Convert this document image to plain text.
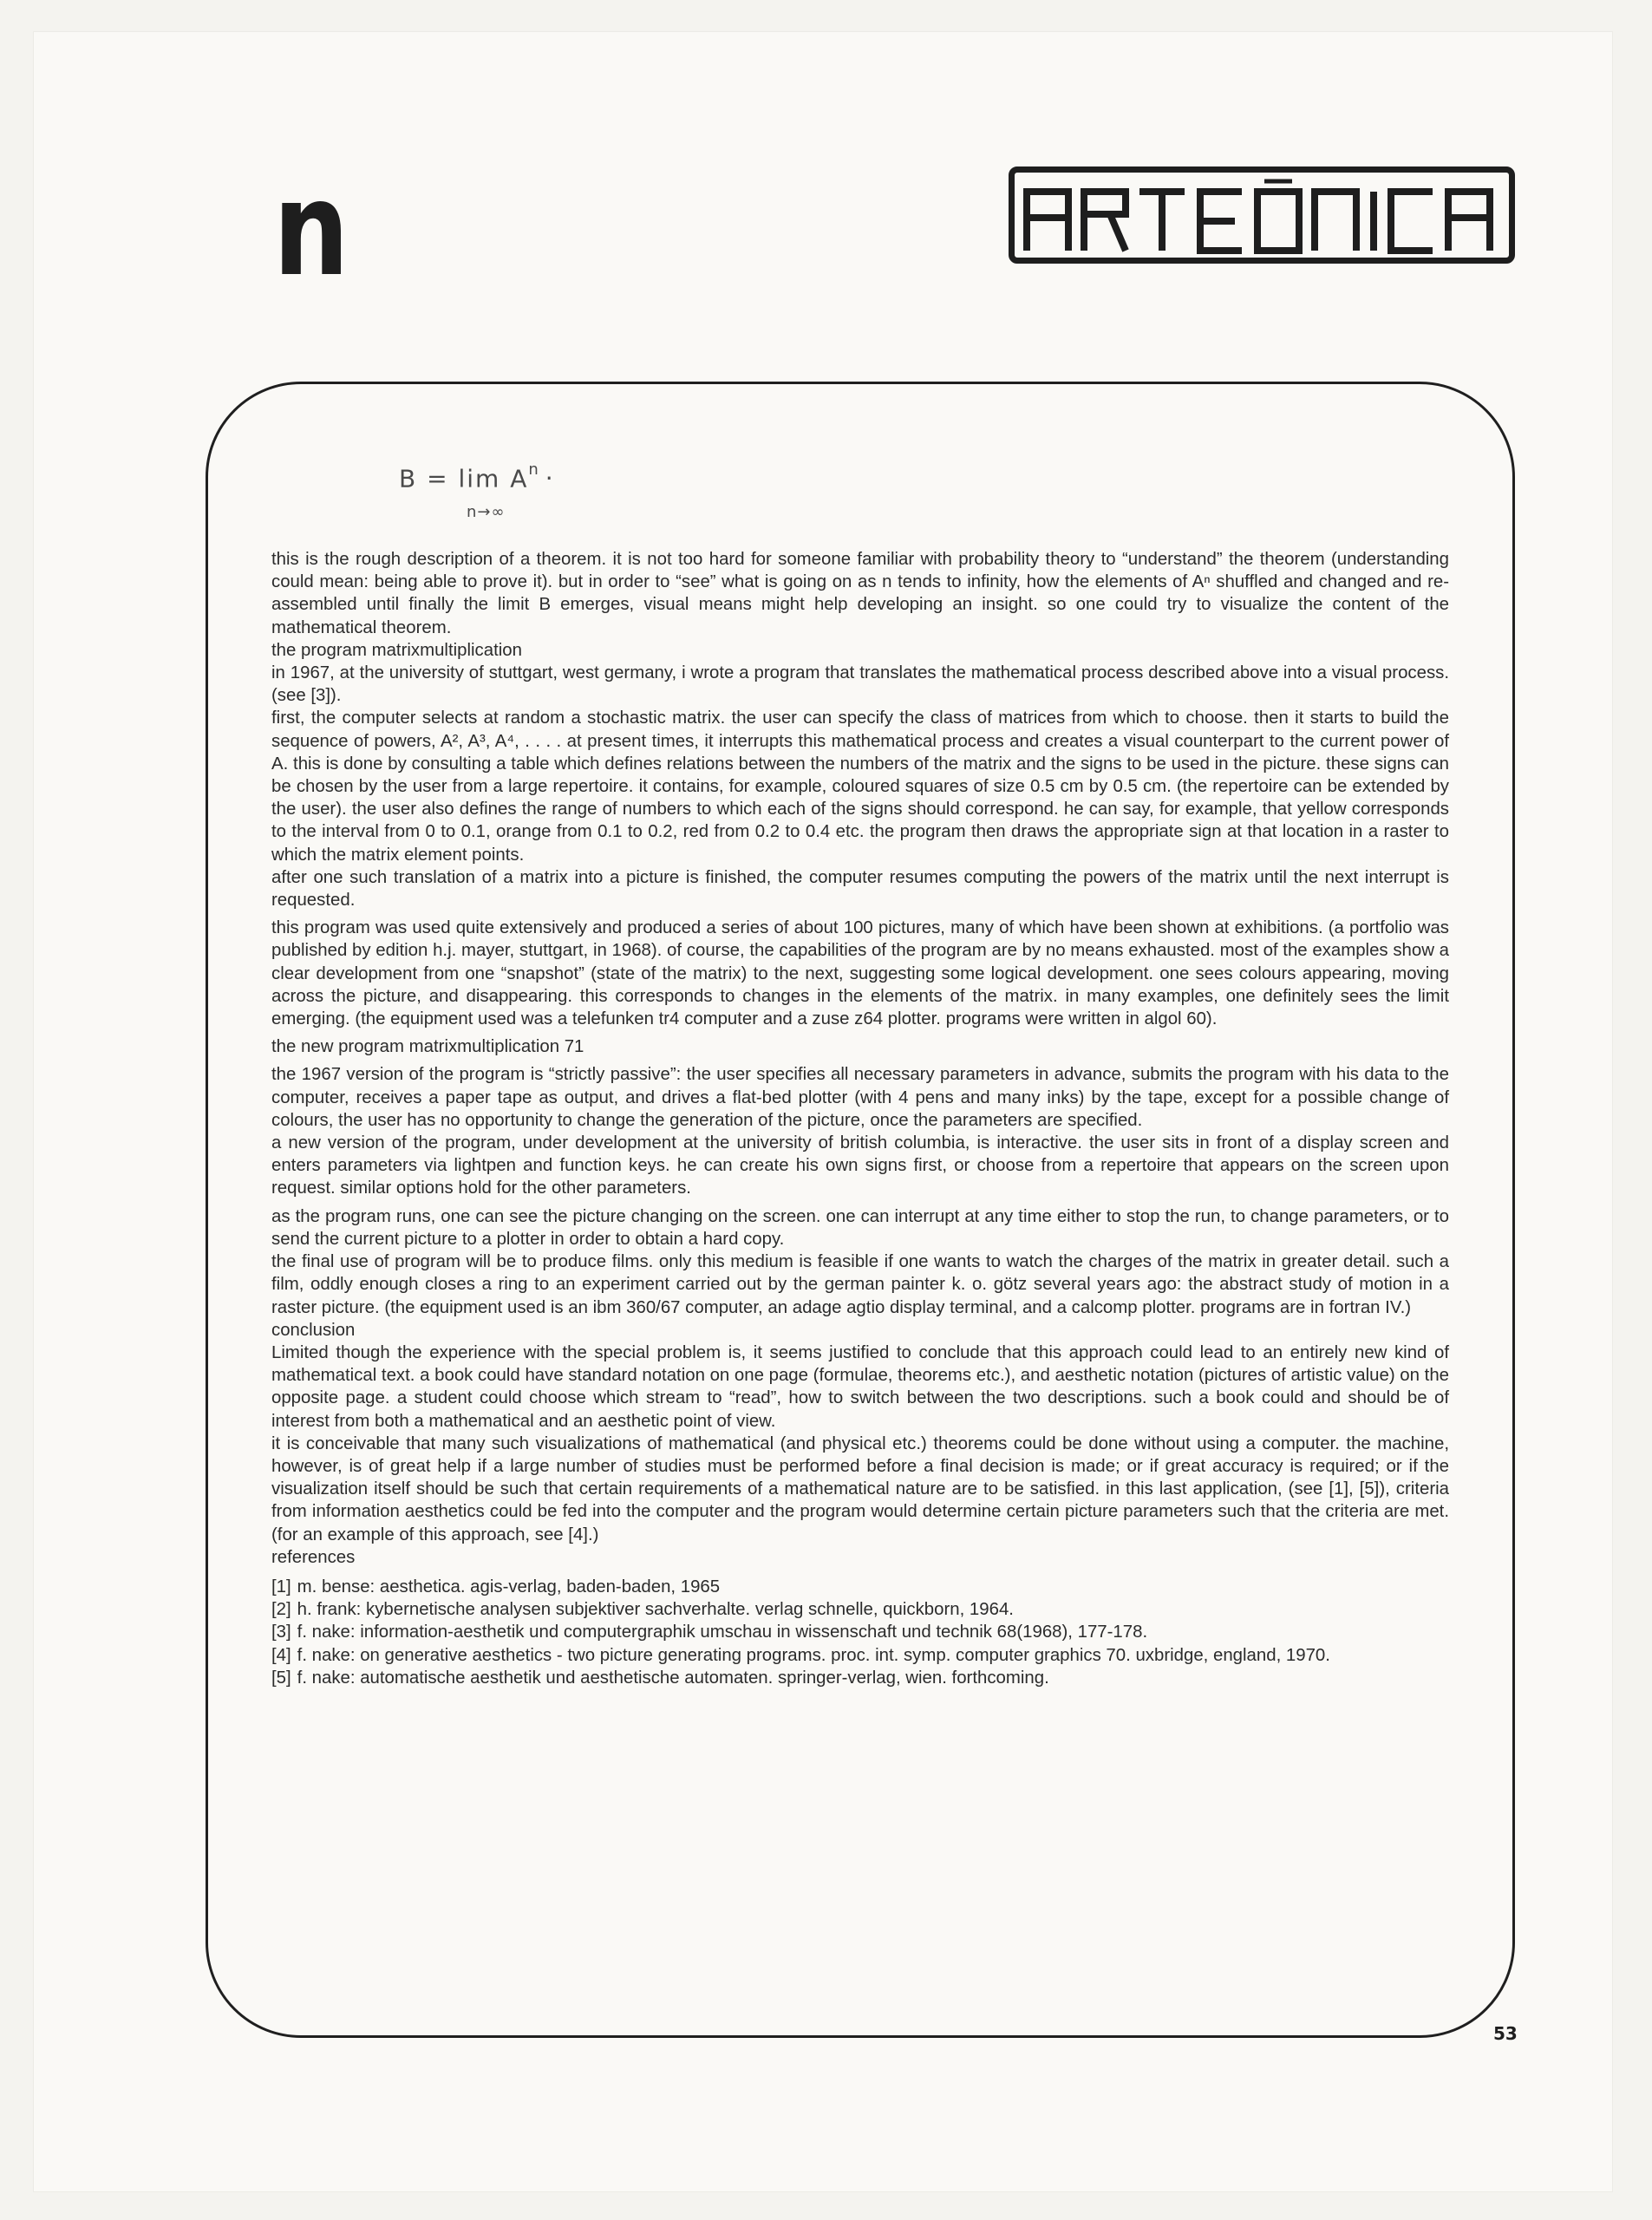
n
$B = \lim A^n$ ·
n→∞

this is the rough description of a theorem. it is not too hard for someone familiar with probability theory to “understand” the theorem (understanding could mean: being able to prove it). but in order to “see” what is going on as n tends to infinity, how the elements of Aⁿ shuffled and changed and re-assembled until finally the limit B emerges, visual means might help developing an insight. so one could try to visualize the content of the mathematical theorem.

the program matrixmultiplication

in 1967, at the university of stuttgart, west germany, i wrote a program that translates the mathematical process described above into a visual process. (see [3]).

first, the computer selects at random a stochastic matrix. the user can specify the class of matrices from which to choose. then it starts to build the sequence of powers, A², A³, A⁴, . . . . at present times, it interrupts this mathematical process and creates a visual counterpart to the current power of A. this is done by consulting a table which defines relations between the numbers of the matrix and the signs to be used in the picture. these signs can be chosen by the user from a large repertoire. it contains, for example, coloured squares of size 0.5 cm by 0.5 cm. (the repertoire can be extended by the user). the user also defines the range of numbers to which each of the signs should correspond. he can say, for example, that yellow corresponds to the interval from 0 to 0.1, orange from 0.1 to 0.2, red from 0.2 to 0.4 etc. the program then draws the appropriate sign at that location in a raster to which the matrix element points.

after one such translation of a matrix into a picture is finished, the computer resumes computing the powers of the matrix until the next interrupt is requested.

this program was used quite extensively and produced a series of about 100 pictures, many of which have been shown at exhibitions. (a portfolio was published by edition h.j. mayer, stuttgart, in 1968). of course, the capabilities of the program are by no means exhausted. most of the examples show a clear development from one “snapshot” (state of the matrix) to the next, suggesting some logical development. one sees colours appearing, moving across the picture, and disappearing. this corresponds to changes in the elements of the matrix. in many examples, one definitely sees the limit emerging. (the equipment used was a telefunken tr4 computer and a zuse z64 plotter. programs were written in algol 60).

the new program matrixmultiplication 71

the 1967 version of the program is “strictly passive”: the user specifies all necessary parameters in advance, submits the program with his data to the computer, receives a paper tape as output, and drives a flat-bed plotter (with 4 pens and many inks) by the tape, except for a possible change of colours, the user has no opportunity to change the generation of the picture, once the parameters are specified.

a new version of the program, under development at the university of british columbia, is interactive. the user sits in front of a display screen and enters parameters via lightpen and function keys. he can create his own signs first, or choose from a repertoire that appears on the screen upon request. similar options hold for the other parameters.

as the program runs, one can see the picture changing on the screen. one can interrupt at any time either to stop the run, to change parameters, or to send the current picture to a plotter in order to obtain a hard copy.

the final use of program will be to produce films. only this medium is feasible if one wants to watch the charges of the matrix in greater detail. such a film, oddly enough closes a ring to an experiment carried out by the german painter k. o. götz several years ago: the abstract study of motion in a raster picture. (the equipment used is an ibm 360/67 computer, an adage agtio display terminal, and a calcomp plotter. programs are in fortran IV.)

conclusion

Limited though the experience with the special problem is, it seems justified to conclude that this approach could lead to an entirely new kind of mathematical text. a book could have standard notation on one page (formulae, theorems etc.), and aesthetic notation (pictures of artistic value) on the opposite page. a student could choose which stream to “read”, how to switch between the two descriptions. such a book could and should be of interest from both a mathematical and an aesthetic point of view.

it is conceivable that many such visualizations of mathematical (and physical etc.) theorems could be done without using a computer. the machine, however, is of great help if a large number of studies must be performed before a final decision is made; or if great accuracy is required; or if the visualization itself should be such that certain requirements of a mathematical nature are to be satisfied. in this last application, (see [1], [5]), criteria from information aesthetics could be fed into the computer and the program would determine certain picture parameters such that the criteria are met. (for an example of this approach, see [4].)

references

[1] m. bense: aesthetica. agis-verlag, baden-baden, 1965
[2] h. frank: kybernetische analysen subjektiver sachverhalte. verlag schnelle, quickborn, 1964.
[3] f. nake: information-aesthetik und computergraphik umschau in wissenschaft und technik 68(1968), 177-178.
[4] f. nake: on generative aesthetics - two picture generating programs. proc. int. symp. computer graphics 70. uxbridge, england, 1970.
[5] f. nake: automatische aesthetik und aesthetische automaten. springer-verlag, wien. forthcoming.
53
